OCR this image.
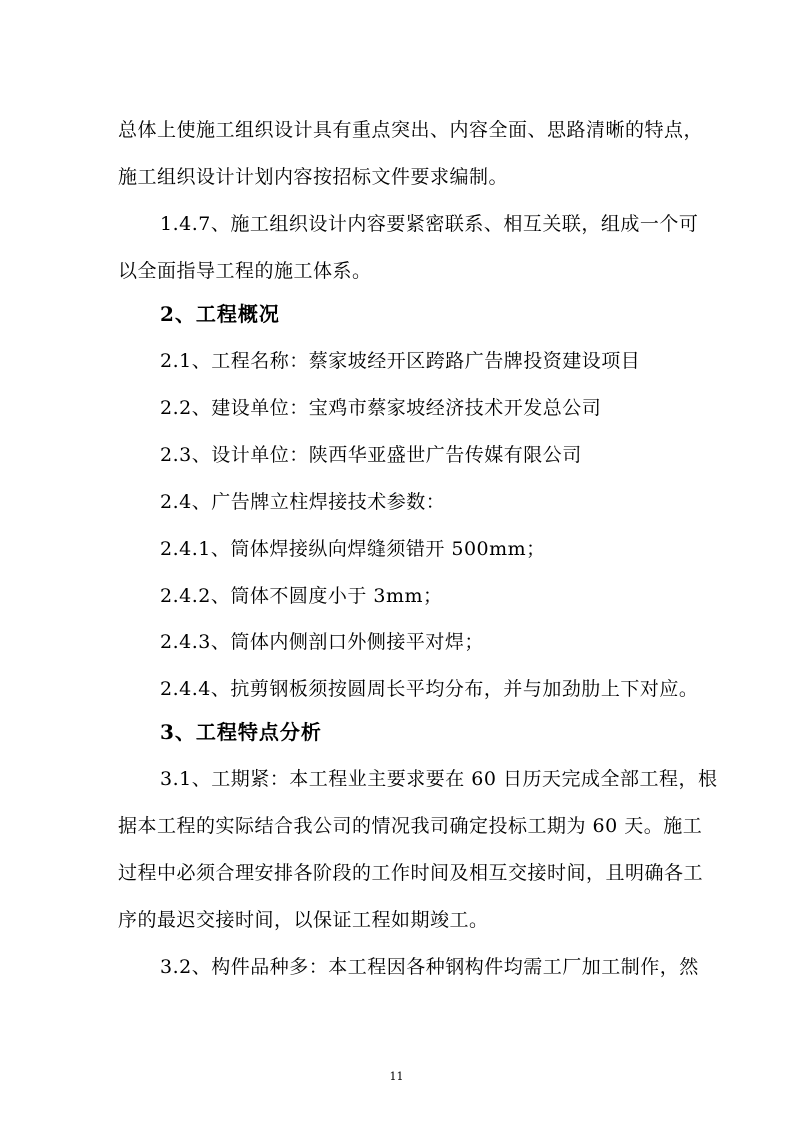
总体上使施工组织设计具有重点突出、内容全面、思路清晰的特点，
施工组织设计计划内容按招标文件要求编制。
1.4.7、施工组织设计内容要紧密联系、相互关联，组成一个可
以全面指导工程的施工体系。
2、工程概况
2.1、工程名称：蔡家坡经开区跨路广告牌投资建设项目
2.2、建设单位：宝鸡市蔡家坡经济技术开发总公司
2.3、设计单位：陕西华亚盛世广告传媒有限公司
2.4、广告牌立柱焊接技术参数：
2.4.1、筒体焊接纵向焊缝须错开 500mm；
2.4.2、筒体不圆度小于 3mm；
2.4.3、筒体内侧剖口外侧接平对焊；
2.4.4、抗剪钢板须按圆周长平均分布，并与加劲肋上下对应。
3、工程特点分析
3.1、工期紧：本工程业主要求要在 60 日历天完成全部工程，根
据本工程的实际结合我公司的情况我司确定投标工期为 60 天。施工
过程中必须合理安排各阶段的工作时间及相互交接时间，且明确各工
序的最迟交接时间，以保证工程如期竣工。
3.2、构件品种多：本工程因各种钢构件均需工厂加工制作，然
11
